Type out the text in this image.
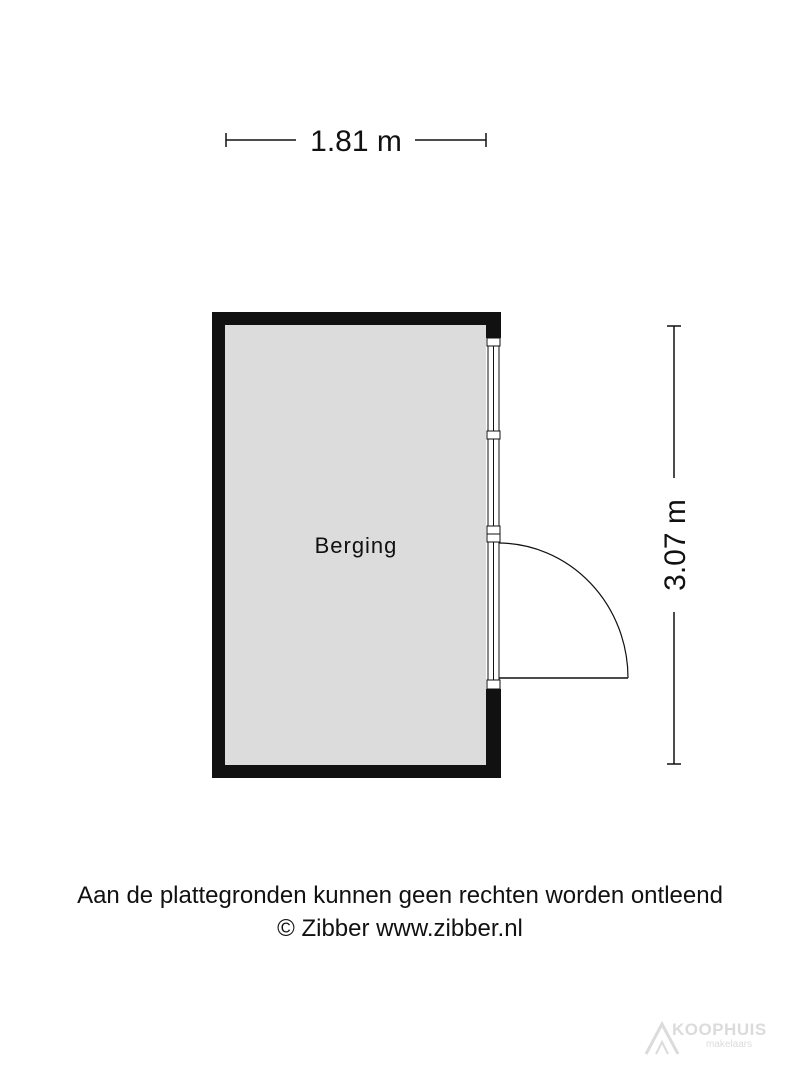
1.81 m
3.07 m
Berging
Aan de plattegronden kunnen geen rechten worden ontleend
© Zibber www.zibber.nl
KOOPHUIS
makelaars
